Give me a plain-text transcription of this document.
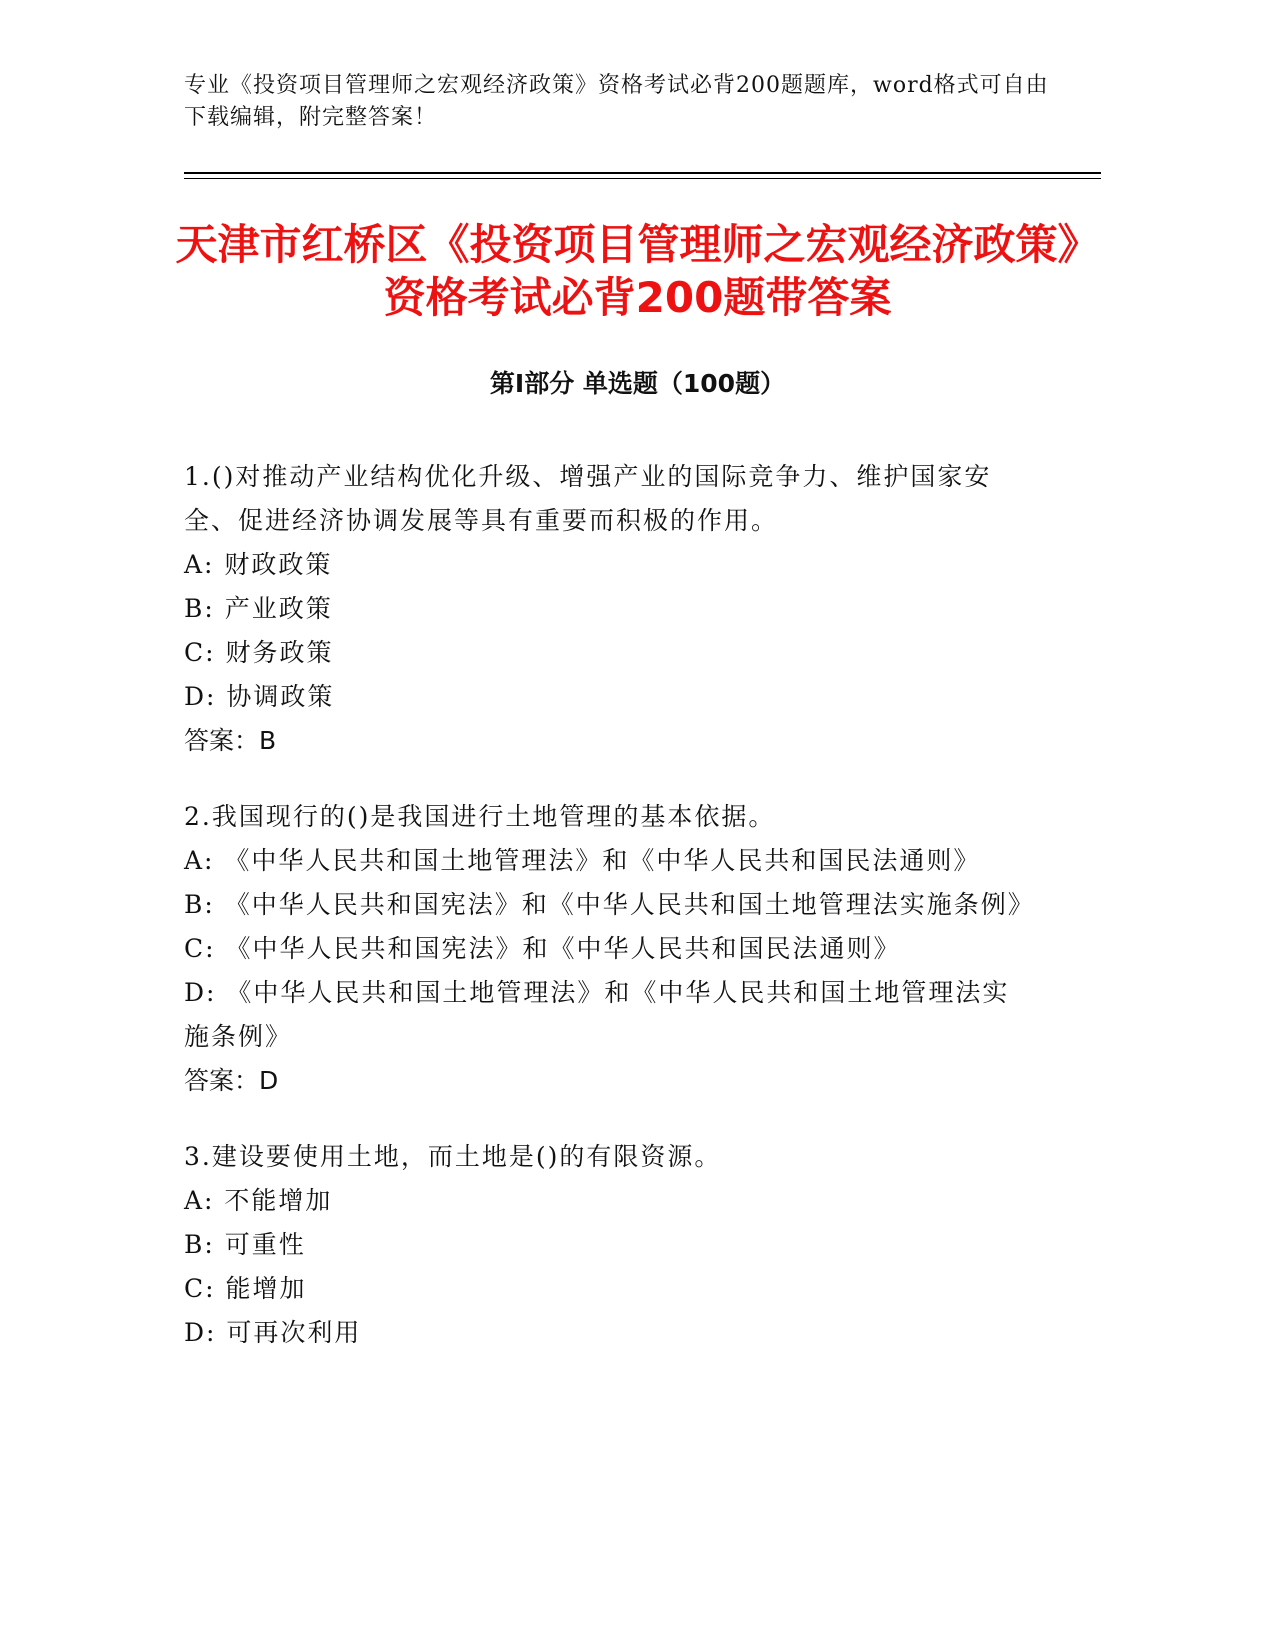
专业《投资项目管理师之宏观经济政策》资格考试必背200题题库，word格式可自由下载编辑，附完整答案！
天津市红桥区《投资项目管理师之宏观经济政策》资格考试必背200题带答案
第Ⅰ部分 单选题（100题）
1.()对推动产业结构优化升级、增强产业的国际竞争力、维护国家安全、促进经济协调发展等具有重要而积极的作用。
A: 财政政策
B: 产业政策
C: 财务政策
D: 协调政策
答案：B
2.我国现行的()是我国进行土地管理的基本依据。
A: 《中华人民共和国土地管理法》和《中华人民共和国民法通则》
B: 《中华人民共和国宪法》和《中华人民共和国土地管理法实施条例》
C: 《中华人民共和国宪法》和《中华人民共和国民法通则》
D: 《中华人民共和国土地管理法》和《中华人民共和国土地管理法实施条例》
答案：D
3.建设要使用土地，而土地是()的有限资源。
A: 不能增加
B: 可重性
C: 能增加
D: 可再次利用
